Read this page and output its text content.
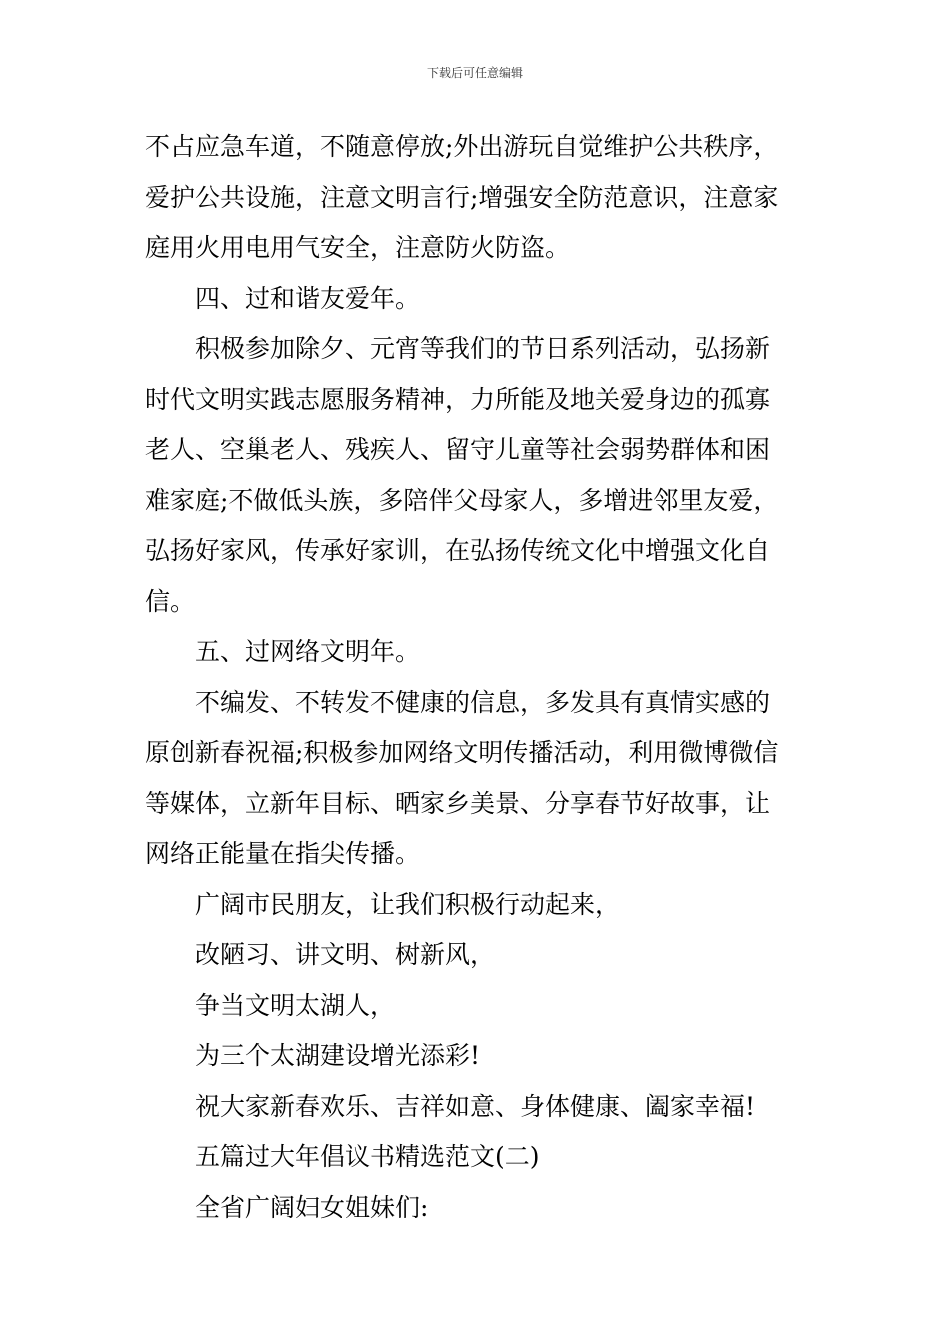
下载后可任意编辑
不占应急车道，不随意停放;外出游玩自觉维护公共秩序，
爱护公共设施，注意文明言行;增强安全防范意识，注意家
庭用火用电用气安全，注意防火防盗。
四、过和谐友爱年。
积极参加除夕、元宵等我们的节日系列活动，弘扬新
时代文明实践志愿服务精神，力所能及地关爱身边的孤寡
老人、空巢老人、残疾人、留守儿童等社会弱势群体和困
难家庭;不做低头族，多陪伴父母家人，多增进邻里友爱，
弘扬好家风，传承好家训，在弘扬传统文化中增强文化自
信。
五、过网络文明年。
不编发、不转发不健康的信息，多发具有真情实感的
原创新春祝福;积极参加网络文明传播活动，利用微博微信
等媒体，立新年目标、晒家乡美景、分享春节好故事，让
网络正能量在指尖传播。
广阔市民朋友，让我们积极行动起来，
改陋习、讲文明、树新风，
争当文明太湖人，
为三个太湖建设增光添彩!
祝大家新春欢乐、吉祥如意、身体健康、阖家幸福!
五篇过大年倡议书精选范文(二)
全省广阔妇女姐妹们:
